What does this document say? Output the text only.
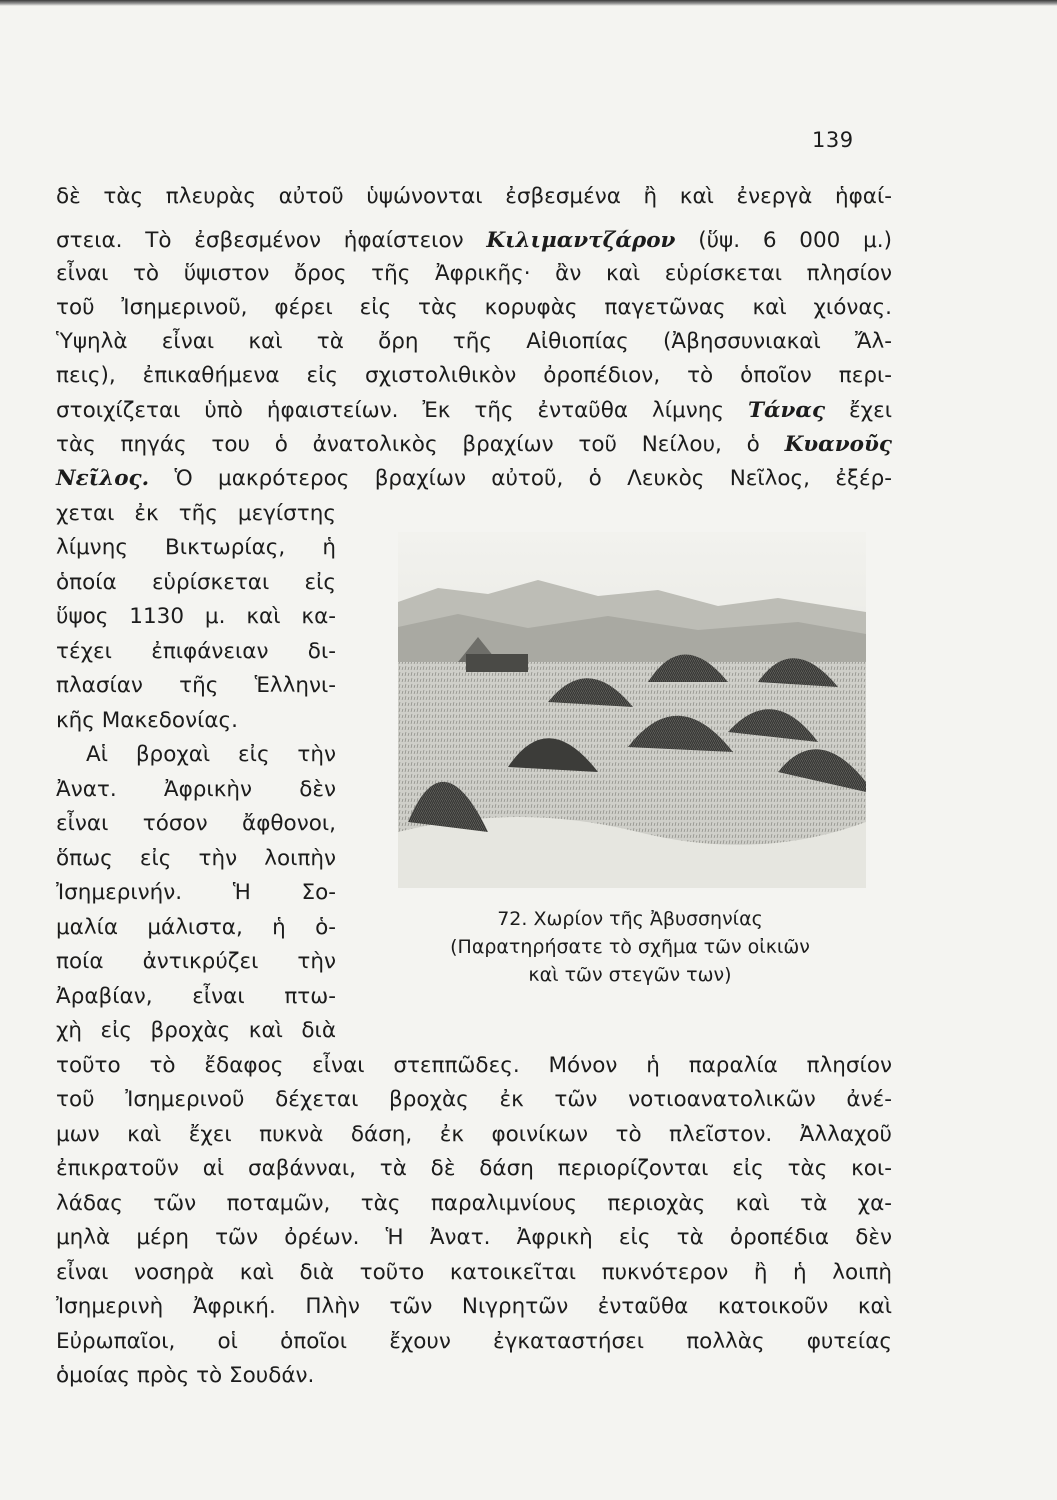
139
δὲ τὰς πλευρὰς αὐτοῦ ὑψώνονται ἐσβεσμένα ἢ καὶ ἐνεργὰ ἡφαί-
στεια. Τὸ ἐσβεσμένον ἡφαίστειον Κιλιμαντζάρον (ὕψ. 6 000 μ.)
εἶναι τὸ ὕψιστον ὄρος τῆς Ἀφρικῆς· ἂν καὶ εὑρίσκεται πλησίον
τοῦ Ἰσημερινοῦ, φέρει εἰς τὰς κορυφὰς παγετῶνας καὶ χιόνας.
Ὑψηλὰ εἶναι καὶ τὰ ὄρη τῆς Αἰθιοπίας (Ἀβησσυνιακαὶ Ἄλ-
πεις), ἐπικαθήμενα εἰς σχιστολιθικὸν ὀροπέδιον, τὸ ὁποῖον περι-
στοιχίζεται ὑπὸ ἡφαιστείων. Ἐκ τῆς ἐνταῦθα λίμνης Τάνας ἔχει
τὰς πηγάς του ὁ ἀνατολικὸς βραχίων τοῦ Νείλου, ὁ Κυανοῦς
Νεῖλος. Ὁ μακρότερος βραχίων αὐτοῦ, ὁ Λευκὸς Νεῖλος, ἐξέρ-
χεται ἐκ τῆς μεγίστης
λίμνης Βικτωρίας, ἡ
ὁποία εὑρίσκεται εἰς
ὕψος 1130 μ. καὶ κα-
τέχει ἐπιφάνειαν δι-
πλασίαν τῆς Ἑλληνι-
κῆς Μακεδονίας.
Αἱ βροχαὶ εἰς τὴν
Ἀνατ. Ἀφρικὴν δὲν
εἶναι τόσον ἄφθονοι,
ὅπως εἰς τὴν λοιπὴν
Ἰσημερινήν. Ἡ Σο-
μαλία μάλιστα, ἡ ὁ-
ποία ἀντικρύζει τὴν
Ἀραβίαν, εἶναι πτω-
χὴ εἰς βροχὰς καὶ διὰ
72. Χωρίον τῆς Ἀβυσσηνίας
(Παρατηρήσατε τὸ σχῆμα τῶν οἰκιῶν
καὶ τῶν στεγῶν των)
τοῦτο τὸ ἔδαφος εἶναι στεππῶδες. Μόνον ἡ παραλία πλησίον
τοῦ Ἰσημερινοῦ δέχεται βροχὰς ἐκ τῶν νοτιοανατολικῶν ἀνέ-
μων καὶ ἔχει πυκνὰ δάση, ἐκ φοινίκων τὸ πλεῖστον. Ἀλλαχοῦ
ἐπικρατοῦν αἱ σαβάνναι, τὰ δὲ δάση περιορίζονται εἰς τὰς κοι-
λάδας τῶν ποταμῶν, τὰς παραλιμνίους περιοχὰς καὶ τὰ χα-
μηλὰ μέρη τῶν ὀρέων. Ἡ Ἀνατ. Ἀφρικὴ εἰς τὰ ὀροπέδια δὲν
εἶναι νοσηρὰ καὶ διὰ τοῦτο κατοικεῖται πυκνότερον ἢ ἡ λοιπὴ
Ἰσημερινὴ Ἀφρική. Πλὴν τῶν Νιγρητῶν ἐνταῦθα κατοικοῦν καὶ
Εὐρωπαῖοι, οἱ ὁποῖοι ἔχουν ἐγκαταστήσει πολλὰς φυτείας
ὁμοίας πρὸς τὸ Σουδάν.
